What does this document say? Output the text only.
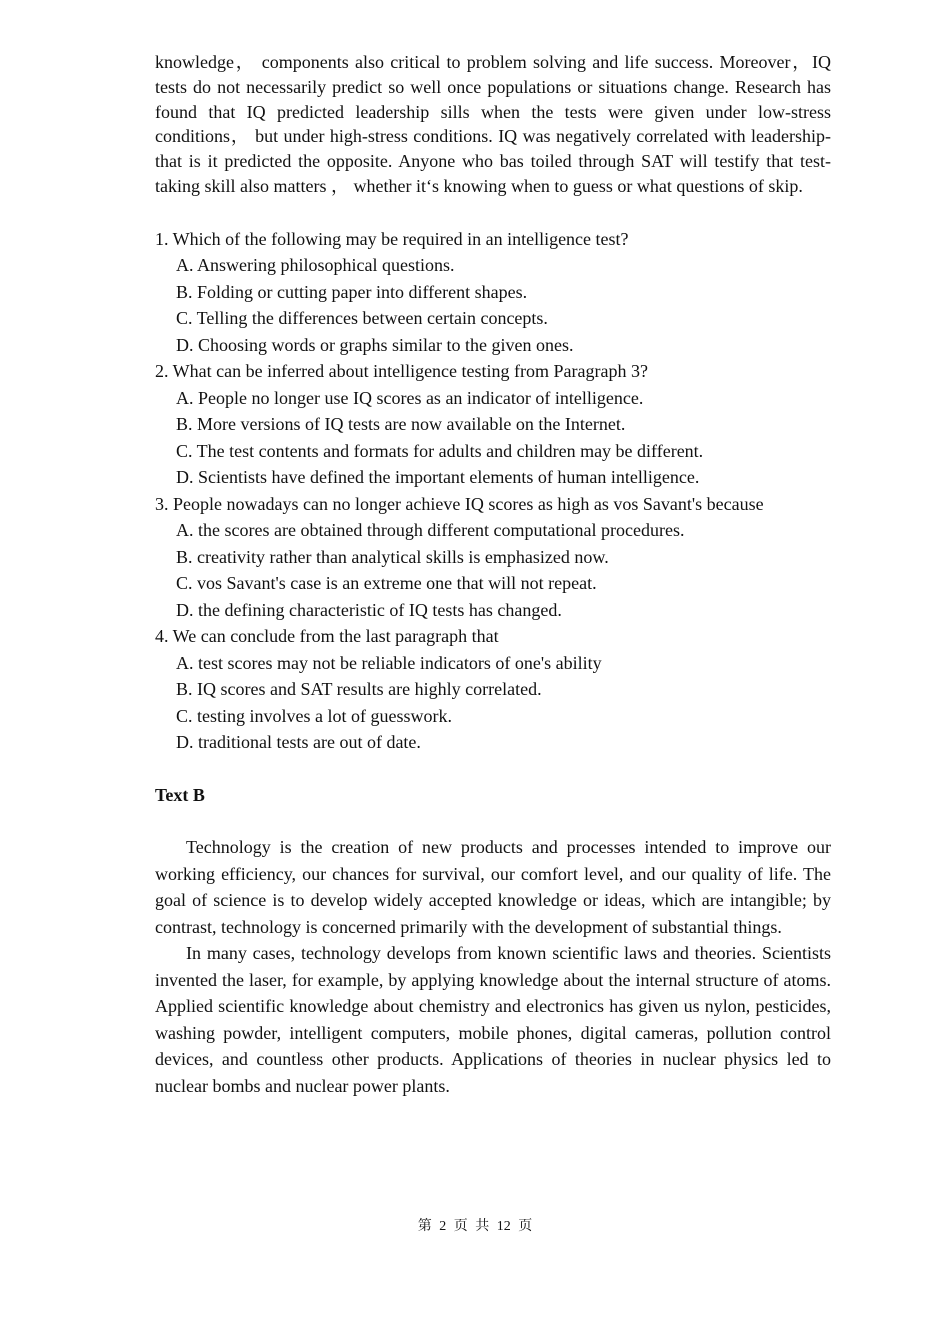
knowledge， components also critical to problem solving and life success. Moreover，IQ tests do not necessarily predict so well once populations or situations change. Research has found that IQ predicted leadership sills when the tests were given under low-stress conditions， but under high-stress conditions. IQ was negatively correlated with leadership-that is it predicted the opposite. Anyone who bas toiled through SAT will testify that test-taking skill also matters ， whether it‘s knowing when to guess or what questions of skip.

1. Which of the following may be required in an intelligence test?
A. Answering philosophical questions.
B. Folding or cutting paper into different shapes.
C. Telling the differences between certain concepts.
D. Choosing words or graphs similar to the given ones.
2. What can be inferred about intelligence testing from Paragraph 3?
A. People no longer use IQ scores as an indicator of intelligence.
B. More versions of IQ tests are now available on the Internet.
C. The test contents and formats for adults and children may be different.
D. Scientists have defined the important elements of human intelligence.
3. People nowadays can no longer achieve IQ scores as high as vos Savant's because
A. the scores are obtained through different computational procedures.
B. creativity rather than analytical skills is emphasized now.
C. vos Savant's case is an extreme one that will not repeat.
D. the defining characteristic of IQ tests has changed.
4. We can conclude from the last paragraph that
A. test scores may not be reliable indicators of one's ability
B. IQ scores and SAT results are highly correlated.
C. testing involves a lot of guesswork.
D. traditional tests are out of date.
Text B

Technology is the creation of new products and processes intended to improve our working efficiency, our chances for survival, our comfort level, and our quality of life. The goal of science is to develop widely accepted knowledge or ideas, which are intangible; by contrast, technology is concerned primarily with the development of substantial things.

In many cases, technology develops from known scientific laws and theories. Scientists invented the laser, for example, by applying knowledge about the internal structure of atoms. Applied scientific knowledge about chemistry and electronics has given us nylon, pesticides, washing powder, intelligent computers, mobile phones, digital cameras, pollution control devices, and countless other products. Applications of theories in nuclear physics led to nuclear bombs and nuclear power plants.

第 2 页 共 12 页
